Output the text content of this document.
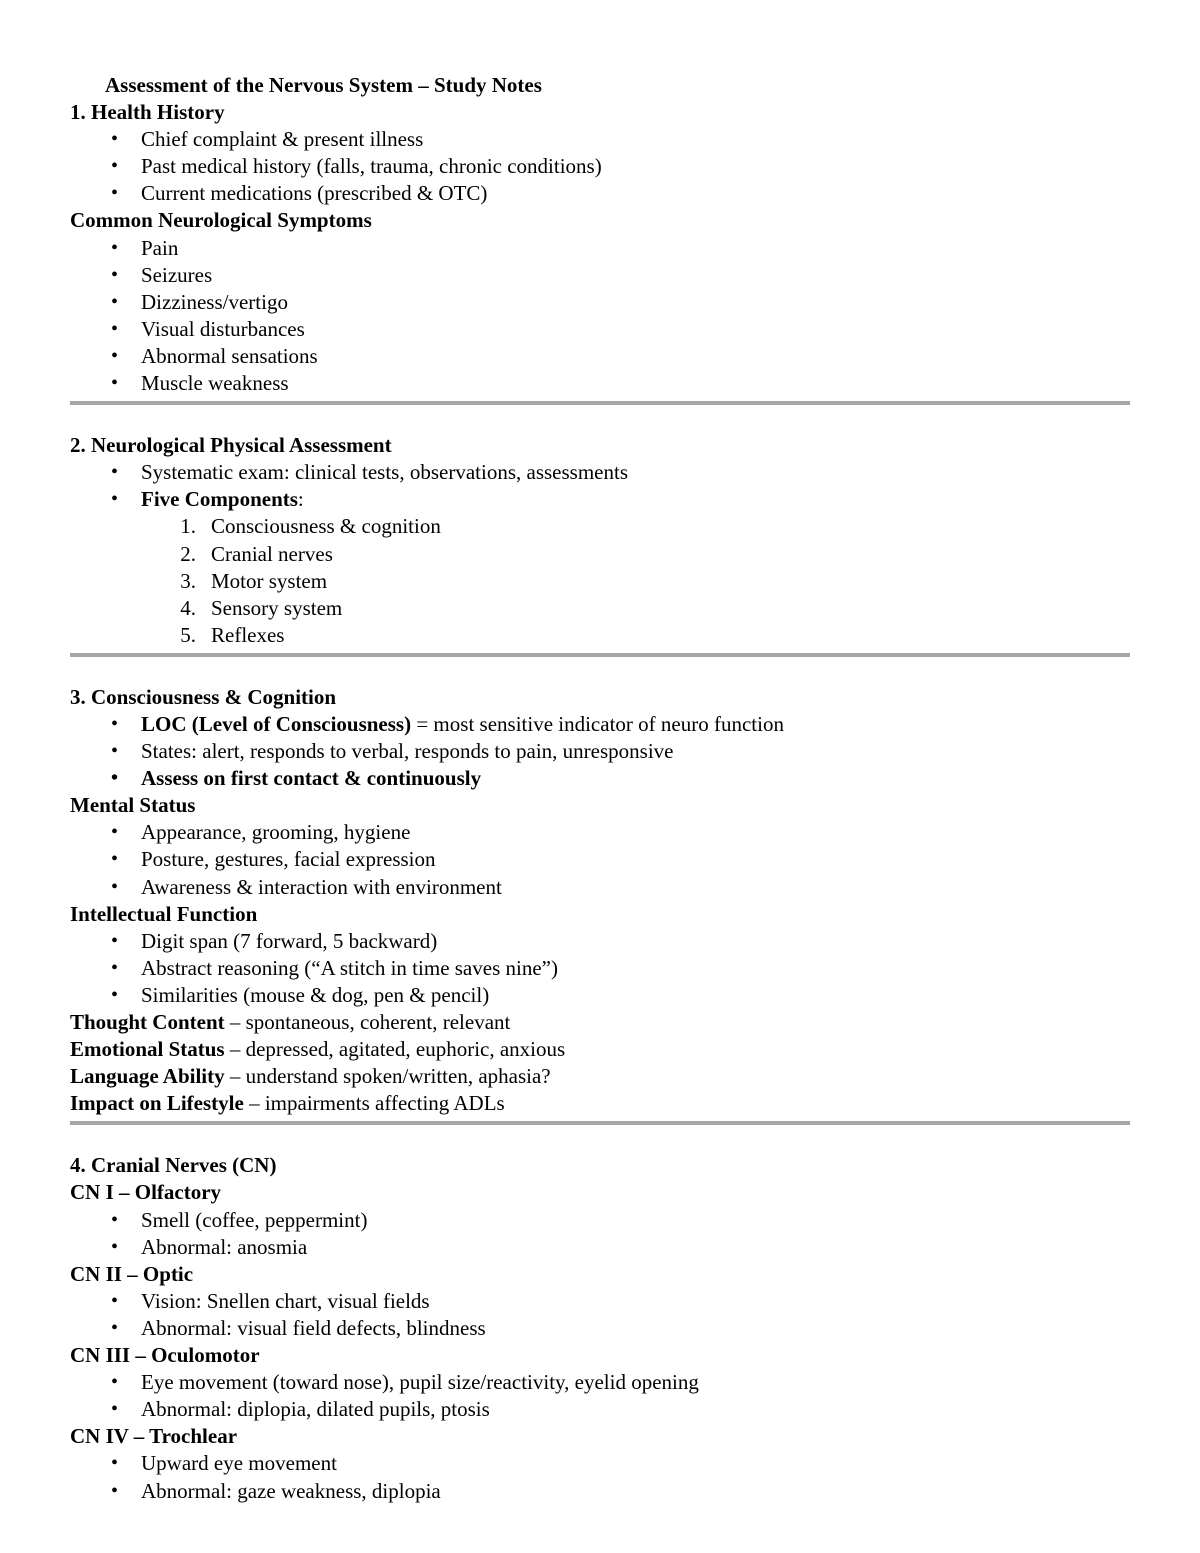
Assessment of the Nervous System – Study Notes
1. Health History
• Chief complaint & present illness
• Past medical history (falls, trauma, chronic conditions)
• Current medications (prescribed & OTC)
Common Neurological Symptoms
• Pain
• Seizures
• Dizziness/vertigo
• Visual disturbances
• Abnormal sensations
• Muscle weakness
2. Neurological Physical Assessment
• Systematic exam: clinical tests, observations, assessments
• Five Components:
1. Consciousness & cognition
2. Cranial nerves
3. Motor system
4. Sensory system
5. Reflexes
3. Consciousness & Cognition
• LOC (Level of Consciousness) = most sensitive indicator of neuro function
• States: alert, responds to verbal, responds to pain, unresponsive
• Assess on first contact & continuously
Mental Status
• Appearance, grooming, hygiene
• Posture, gestures, facial expression
• Awareness & interaction with environment
Intellectual Function
• Digit span (7 forward, 5 backward)
• Abstract reasoning (“A stitch in time saves nine”)
• Similarities (mouse & dog, pen & pencil)
Thought Content – spontaneous, coherent, relevant
Emotional Status – depressed, agitated, euphoric, anxious
Language Ability – understand spoken/written, aphasia?
Impact on Lifestyle – impairments affecting ADLs
4. Cranial Nerves (CN)
CN I – Olfactory
• Smell (coffee, peppermint)
• Abnormal: anosmia
CN II – Optic
• Vision: Snellen chart, visual fields
• Abnormal: visual field defects, blindness
CN III – Oculomotor
• Eye movement (toward nose), pupil size/reactivity, eyelid opening
• Abnormal: diplopia, dilated pupils, ptosis
CN IV – Trochlear
• Upward eye movement
• Abnormal: gaze weakness, diplopia
